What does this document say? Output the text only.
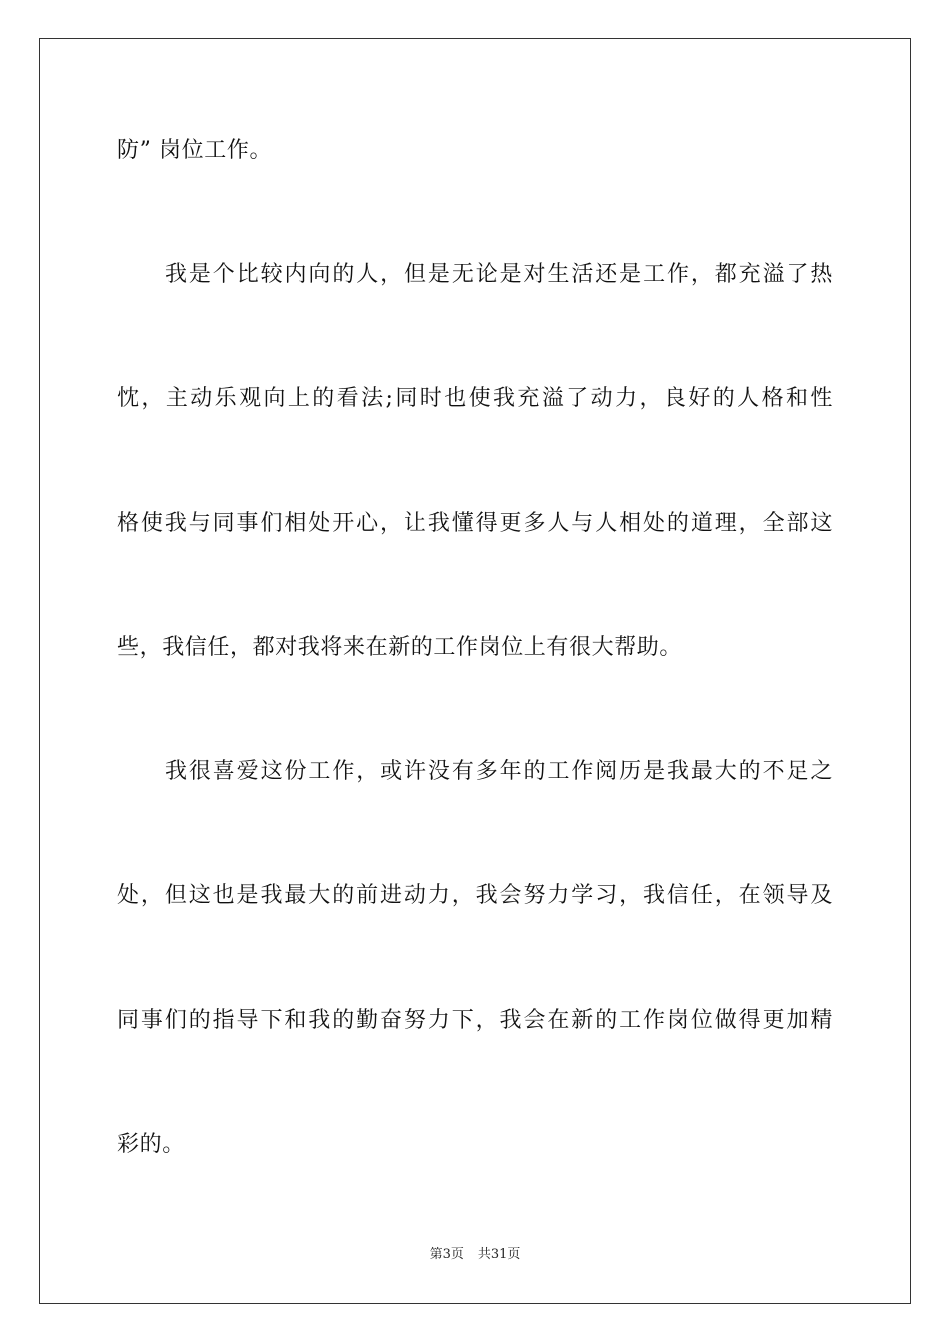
防” 岗位工作。
我是个比较内向的人，但是无论是对生活还是工作，都充溢了热
忱，主动乐观向上的看法;同时也使我充溢了动力，良好的人格和性
格使我与同事们相处开心，让我懂得更多人与人相处的道理，全部这
些，我信任，都对我将来在新的工作岗位上有很大帮助。
我很喜爱这份工作，或许没有多年的工作阅历是我最大的不足之
处，但这也是我最大的前进动力，我会努力学习，我信任，在领导及
同事们的指导下和我的勤奋努力下，我会在新的工作岗位做得更加精
彩的。
第3页 共31页
